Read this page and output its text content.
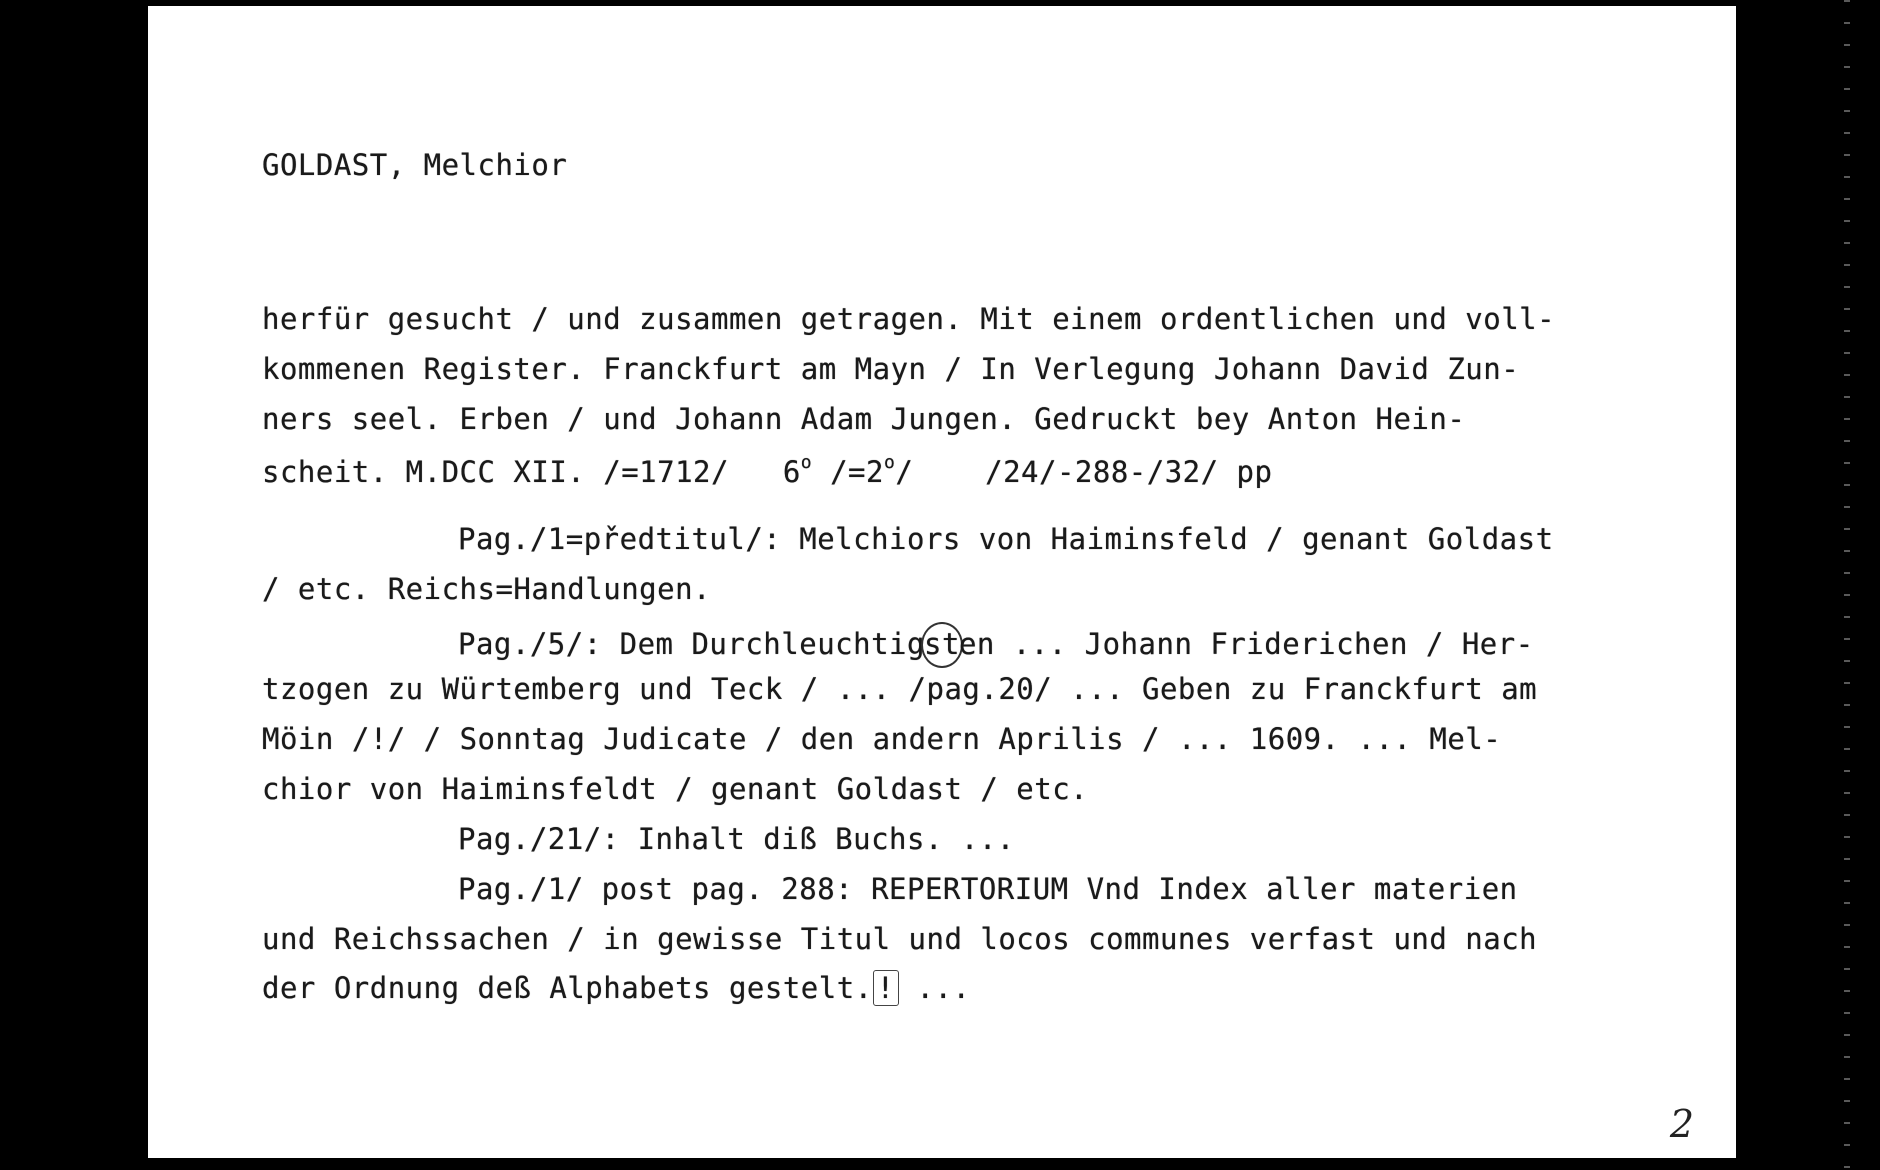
GOLDAST, Melchior

herfür gesucht / und zusammen getragen. Mit einem ordentlichen und voll-

kommenen Register. Franckfurt am Mayn / In Verlegung Johann David Zun-

ners seel. Erben / und Johann Adam Jungen. Gedruckt bey Anton Hein-

scheit. M.DCC XII. /=1712/   6$^o$ $/=2^o/$    /24/-288-/32/ pp

Pag./1=předtitul/: Melchiors von Haiminsfeld / genant Goldast

/ etc. Reichs=Handlungen.

Pag./5/: Dem Durchleuchtigsten ... Johann Friderichen / Her-

tzogen zu Würtemberg und Teck / ... /pag.20/ ... Geben zu Franckfurt am

Möin /!/ / Sonntag Judicate / den andern Aprilis / ... 1609. ... Mel-

chior von Haiminsfeldt / genant Goldast / etc.

Pag./21/: Inhalt diß Buchs. ...

Pag./1/ post pag. 288: REPERTORIUM Vnd Index aller materien

und Reichssachen / in gewisse Titul und locos communes verfast und nach

der Ordnung deß Alphabets gestelt. ! ...

2
